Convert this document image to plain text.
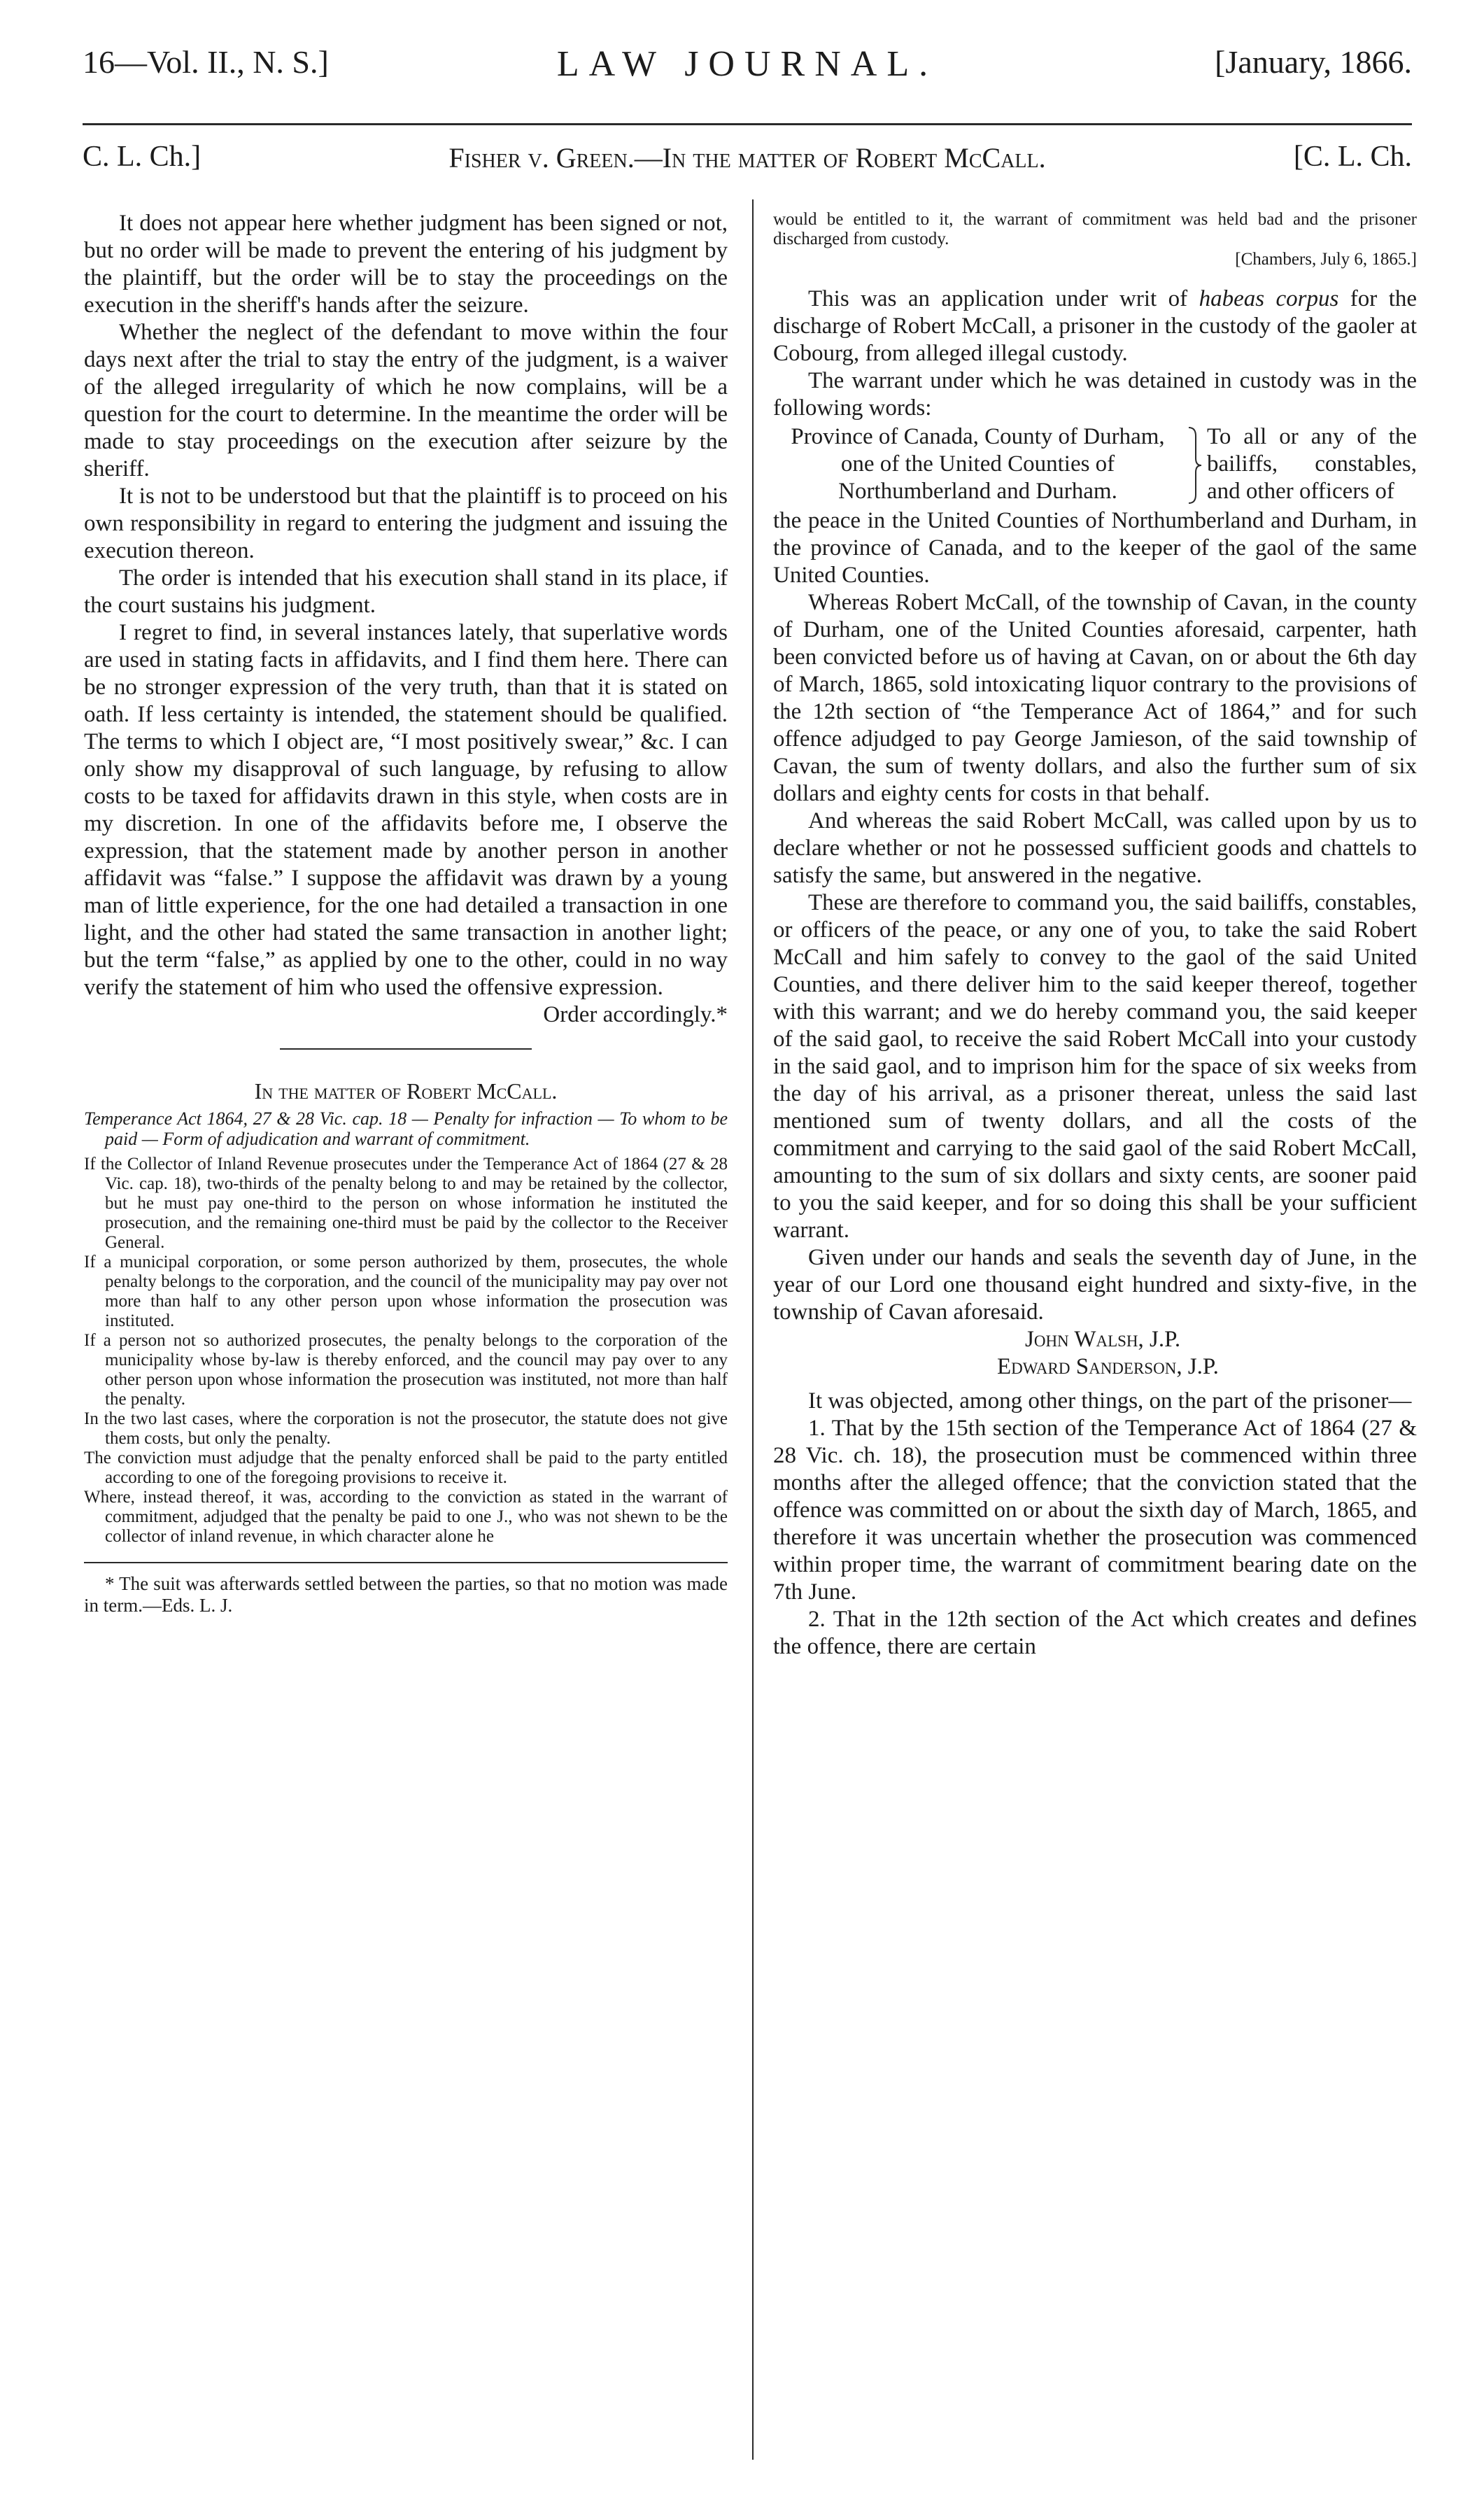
16—Vol. II., N. S.]	LAW JOURNAL.	[January, 1866.
C. L. Ch.]	Fisher v. Green.—In the matter of Robert McCall.	[C. L. Ch.

It does not appear here whether judgment has been signed or not, but no order will be made to prevent the entering of his judgment by the plaintiff, but the order will be to stay the proceedings on the execution in the sheriff's hands after the seizure.

Whether the neglect of the defendant to move within the four days next after the trial to stay the entry of the judgment, is a waiver of the alleged irregularity of which he now complains, will be a question for the court to determine. In the meantime the order will be made to stay proceedings on the execution after seizure by the sheriff.

It is not to be understood but that the plaintiff is to proceed on his own responsibility in regard to entering the judgment and issuing the execution thereon.

The order is intended that his execution shall stand in its place, if the court sustains his judgment.

I regret to find, in several instances lately, that superlative words are used in stating facts in affidavits, and I find them here. There can be no stronger expression of the very truth, than that it is stated on oath. If less certainty is intended, the statement should be qualified. The terms to which I object are, “I most positively swear,” &c. I can only show my disapproval of such language, by refusing to allow costs to be taxed for affidavits drawn in this style, when costs are in my discretion. In one of the affidavits before me, I observe the expression, that the statement made by another person in another affidavit was “false.” I suppose the affidavit was drawn by a young man of little experience, for the one had detailed a transaction in one light, and the other had stated the same transaction in another light; but the term “false,” as applied by one to the other, could in no way verify the statement of him who used the offensive expression.

Order accordingly.*

In the matter of Robert McCall.

Temperance Act 1864, 27 & 28 Vic. cap. 18 — Penalty for infraction — To whom to be paid — Form of adjudication and warrant of commitment.

If the Collector of Inland Revenue prosecutes under the Temperance Act of 1864 (27 & 28 Vic. cap. 18), two-thirds of the penalty belong to and may be retained by the collector, but he must pay one-third to the person on whose information he instituted the prosecution, and the remaining one-third must be paid by the collector to the Receiver General.

If a municipal corporation, or some person authorized by them, prosecutes, the whole penalty belongs to the corporation, and the council of the municipality may pay over not more than half to any other person upon whose information the prosecution was instituted.

If a person not so authorized prosecutes, the penalty belongs to the corporation of the municipality whose by-law is thereby enforced, and the council may pay over to any other person upon whose information the prosecution was instituted, not more than half the penalty.

In the two last cases, where the corporation is not the prosecutor, the statute does not give them costs, but only the penalty.

The conviction must adjudge that the penalty enforced shall be paid to the party entitled according to one of the foregoing provisions to receive it.

Where, instead thereof, it was, according to the conviction as stated in the warrant of commitment, adjudged that the penalty be paid to one J., who was not shewn to be the collector of inland revenue, in which character alone he

* The suit was afterwards settled between the parties, so that no motion was made in term.—Eds. L. J.

would be entitled to it, the warrant of commitment was held bad and the prisoner discharged from custody.

[Chambers, July 6, 1865.]

This was an application under writ of habeas corpus for the discharge of Robert McCall, a prisoner in the custody of the gaoler at Cobourg, from alleged illegal custody.

The warrant under which he was detained in custody was in the following words:

Province of Canada, County of Durham, one of the United Counties of Northumberland and Durham.
To all or any of the bailiffs, constables, and other officers of

the peace in the United Counties of Northumberland and Durham, in the province of Canada, and to the keeper of the gaol of the same United Counties.

Whereas Robert McCall, of the township of Cavan, in the county of Durham, one of the United Counties aforesaid, carpenter, hath been convicted before us of having at Cavan, on or about the 6th day of March, 1865, sold intoxicating liquor contrary to the provisions of the 12th section of “the Temperance Act of 1864,” and for such offence adjudged to pay George Jamieson, of the said township of Cavan, the sum of twenty dollars, and also the further sum of six dollars and eighty cents for costs in that behalf.

And whereas the said Robert McCall, was called upon by us to declare whether or not he possessed sufficient goods and chattels to satisfy the same, but answered in the negative.

These are therefore to command you, the said bailiffs, constables, or officers of the peace, or any one of you, to take the said Robert McCall and him safely to convey to the gaol of the said United Counties, and there deliver him to the said keeper thereof, together with this warrant; and we do hereby command you, the said keeper of the said gaol, to receive the said Robert McCall into your custody in the said gaol, and to imprison him for the space of six weeks from the day of his arrival, as a prisoner thereat, unless the said last mentioned sum of twenty dollars, and all the costs of the commitment and carrying to the said gaol of the said Robert McCall, amounting to the sum of six dollars and sixty cents, are sooner paid to you the said keeper, and for so doing this shall be your sufficient warrant.

Given under our hands and seals the seventh day of June, in the year of our Lord one thousand eight hundred and sixty-five, in the township of Cavan aforesaid.

John Walsh, J.P.

Edward Sanderson, J.P.

It was objected, among other things, on the part of the prisoner—

1. That by the 15th section of the Temperance Act of 1864 (27 & 28 Vic. ch. 18), the prosecution must be commenced within three months after the alleged offence; that the conviction stated that the offence was committed on or about the sixth day of March, 1865, and therefore it was uncertain whether the prosecution was commenced within proper time, the warrant of commitment bearing date on the 7th June.

2. That in the 12th section of the Act which creates and defines the offence, there are certain
